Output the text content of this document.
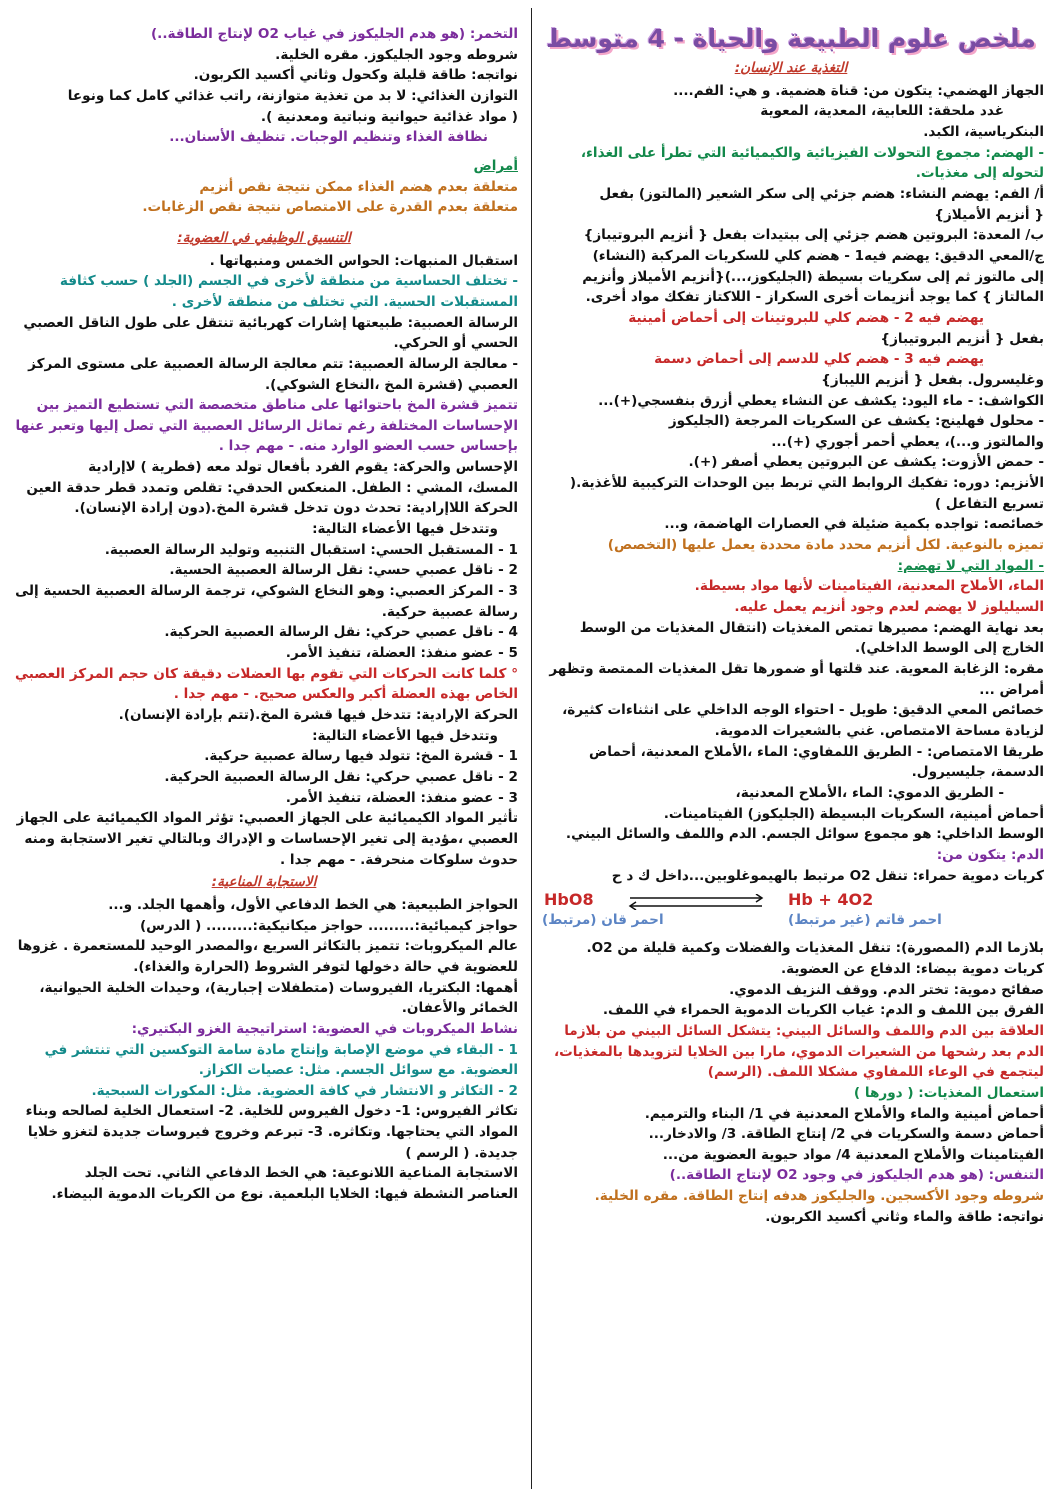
ملخص علوم الطبيعة والحياة - 4 متوسط
التغذية عند الإنسان:
الجهاز الهضمي: يتكون من: قناة هضمية. و هي: الفم....
غدد ملحقة: اللعابية، المعدية، المعوية
البنكرياسية، الكبد.
- الهضم: مجموع التحولات الفيزيائية والكيميائية التي تطرأ على الغذاء، لتحوله إلى مغذيات.
أ/ الفم: يهضم النشاء: هضم جزئي إلى سكر الشعير (المالتوز) بفعل
{ أنزيم الأميلاز}
ب/ المعدة: البروتين هضم جزئي إلى ببتيدات بفعل { أنزيم البروتيباز}
ج/المعي الدقيق: يهضم فيه1 - هضم كلي للسكريات المركبة (النشاء)
إلى مالتوز ثم إلى سكريات بسيطة (الجليكوز،...){أنزيم الأميلاز وأنزيم
المالتاز } كما يوجد أنزيمات أخرى السكراز - اللاكتاز تفكك مواد أخرى.
يهضم فيه 2 - هضم كلي للبروتينات إلى أحماض أمينية
بفعل { أنزيم البروتيباز}
يهضم فيه 3 - هضم كلي للدسم إلى أحماض دسمة
وغليسرول. بفعل { أنزيم الليباز}
الكواشف: - ماء اليود: يكشف عن النشاء يعطي أزرق بنفسجي(+)...
- محلول فهلينج: يكشف عن السكريات المرجعة (الجليكوز
والمالتوز و...)، يعطي أحمر أجوري (+)...
- حمض الأزوت: يكشف عن البروتين يعطي أصفر (+).
الأنزيم: دوره: تفكيك الروابط التي تربط بين الوحدات التركيبية للأغذية.( تسريع التفاعل )
خصائصه: تواجده بكمية ضئيلة في العصارات الهاضمة، و...
تميزه بالنوعية. لكل أنزيم محدد مادة محددة يعمل عليها (التخصص)
- المواد التي لا تهضم:
الماء، الأملاح المعدنية، الفيتامينات لأنها مواد بسيطة.
السيليلوز لا يهضم لعدم وجود أنزيم يعمل عليه.
بعد نهاية الهضم: مصيرها تمتص المغذيات (انتقال المغذيات من الوسط الخارج إلى الوسط الداخلي).
مقره: الزغابة المعوية. عند قلتها أو ضمورها تقل المغذيات الممتصة وتظهر أمراض ...
خصائص المعي الدقيق: طويل - احتواء الوجه الداخلي على انثناءات كثيرة، لزيادة مساحة الامتصاص. غني بالشعيرات الدموية.
طريقا الامتصاص: - الطريق اللمفاوي: الماء ،الأملاح المعدنية، أحماض الدسمة، جليسيرول.
- الطريق الدموي: الماء ،الأملاح المعدنية،
أحماض أمينية، السكريات البسيطة (الجليكوز) الفيتامينات.
الوسط الداخلي: هو مجموع سوائل الجسم. الدم واللمف والسائل البيني.
الدم: يتكون من:
كريات دموية حمراء: تنقل O2 مرتبط بالهيموغلوبين...داخل ك د ح
HbO8	Hb + 4O2
احمر قان (مرتبط)	احمر قاتم (غير مرتبط)
بلازما الدم (المصورة): تنقل المغذيات والفضلات وكمية قليلة من O2.
كريات دموية بيضاء: الدفاع عن العضوية.
صفائح دموية: تختر الدم. ووقف النزيف الدموي.
الفرق بين اللمف و الدم: غياب الكريات الدموية الحمراء في اللمف.
العلاقة بين الدم واللمف والسائل البيني: يتشكل السائل البيني من بلازما الدم بعد رشحها من الشعيرات الدموي، مارا بين الخلايا لتزويدها بالمغذيات، ليتجمع في الوعاء اللمفاوي مشكلا اللمف. (الرسم)
استعمال المغذيات: ( دورها )
أحماض أمينية والماء والأملاح المعدنية في 1/ البناء والترميم.
أحماض دسمة والسكريات في 2/ إنتاج الطاقة. 3/ والادخار...
الفيتامينات والأملاح المعدنية 4/ مواد حيوية العضوية من...
التنفس: (هو هدم الجليكوز في وجود O2 لإنتاج الطاقة..)
شروطه وجود الأكسجين. والجليكوز هدفه إنتاج الطاقة. مقره الخلية.
نواتجه: طاقة والماء وثاني أكسيد الكربون.
التخمر: (هو هدم الجليكوز في غياب O2 لإنتاج الطاقة..)
شروطه وجود الجليكوز. مقره الخلية.
نواتجه: طاقة قليلة وكحول وثاني أكسيد الكربون.
التوازن الغذائي: لا بد من تغذية متوازنة، راتب غذائي كامل كما ونوعا
( مواد غذائية حيوانية ونباتية ومعدنية ).
نظافة الغذاء وتنظيم الوجبات. تنظيف الأسنان...
أمراض
متعلقة بعدم هضم الغذاء ممكن نتيجة نقص أنزيم
متعلقة بعدم القدرة على الامتصاص نتيجة نقص الزغابات.
التنسيق الوظيفي في العضوية:
استقبال المنبهات: الحواس الخمس ومنبهاتها .
- تختلف الحساسية من منطقة لأخرى في الجسم (الجلد ) حسب كثافة المستقبلات الحسية. التي تختلف من منطقة لأخرى .
الرسالة العصبية: طبيعتها إشارات كهربائية تنتقل على طول الناقل العصبي الحسي أو الحركي.
- معالجة الرسالة العصبية: تتم معالجة الرسالة العصبية على مستوى المركز العصبي (قشرة المخ ،النخاع الشوكي).
تتميز قشرة المخ باحتوائها على مناطق متخصصة التي تستطيع التميز بين الإحساسات المختلفة رغم تماثل الرسائل العصبية التي تصل إليها وتعبر عنها بإحساس حسب العضو الوارد منه. - مهم جدا .
الإحساس والحركة: يقوم الفرد بأفعال تولد معه (فطرية ) لاإرادية
المسك، المشي : الطفل. المنعكس الحدقي: تقلص وتمدد قطر حدقة العين
الحركة اللاإرادية: تحدث دون تدخل قشرة المخ.(دون إرادة الإنسان).
وتتدخل فيها الأعضاء التالية:
1 - المستقبل الحسي: استقبال التنبيه وتوليد الرسالة العصبية.
2 - ناقل عصبي حسي: نقل الرسالة العصبية الحسية.
3 - المركز العصبي: وهو النخاع الشوكي، ترجمة الرسالة العصبية الحسية إلى رسالة عصبية حركية.
4 - ناقل عصبي حركي: نقل الرسالة العصبية الحركية.
5 - عضو منفذ: العضلة، تنفيذ الأمر.
° كلما كانت الحركات التي تقوم بها العضلات دقيقة كان حجم المركز العصبي الخاص بهذه العضلة أكبر والعكس صحيح. - مهم جدا .
الحركة الإرادية: تتدخل فيها قشرة المخ.(تتم بإرادة الإنسان).
وتتدخل فيها الأعضاء التالية:
1 - قشرة المخ: تتولد فيها رسالة عصبية حركية.
2 - ناقل عصبي حركي: نقل الرسالة العصبية الحركية.
3 - عضو منفذ: العضلة، تنفيذ الأمر.
تأثير المواد الكيميائية على الجهاز العصبي: تؤثر المواد الكيميائية على الجهاز العصبي ،مؤدية إلى تغير الإحساسات و الإدراك وبالتالي تغير الاستجابة ومنه حدوث سلوكات منحرفة. - مهم جدا .
الاستجابة المناعية:
الحواجز الطبيعية: هي الخط الدفاعي الأول، وأهمها الجلد. و...
حواجز كيميائية:......... حواجز ميكانيكية:......... ( الدرس)
عالم الميكروبات: تتميز بالتكاثر السريع ،والمصدر الوحيد للمستعمرة . غزوها للعضوية في حالة دخولها لتوفر الشروط (الحرارة والغذاء).
أهمها: البكتريا، الفيروسات (متطفلات إجبارية)، وحيدات الخلية الحيوانية، الخمائر والأعفان.
نشاط الميكروبات في العضوية: استراتيجية الغزو البكتيري:
1 - البقاء في موضع الإصابة وإنتاج مادة سامة التوكسين التي تنتشر في العضوية. مع سوائل الجسم. مثل: عصيات الكزاز.
2 - التكاثر و الانتشار في كافة العضوية. مثل: المكورات السبحية.
تكاثر الفيروس: 1- دخول الفيروس للخلية. 2- استعمال الخلية لصالحه وبناء المواد التي يحتاجها. وتكاثره. 3- تبرعم وخروج فيروسات جديدة لتغزو خلايا جديدة. ( الرسم )
الاستجابة المناعية اللانوعية: هي الخط الدفاعي الثاني. تحت الجلد
العناصر النشطة فيها: الخلايا البلعمية. نوع من الكريات الدموية البيضاء.
